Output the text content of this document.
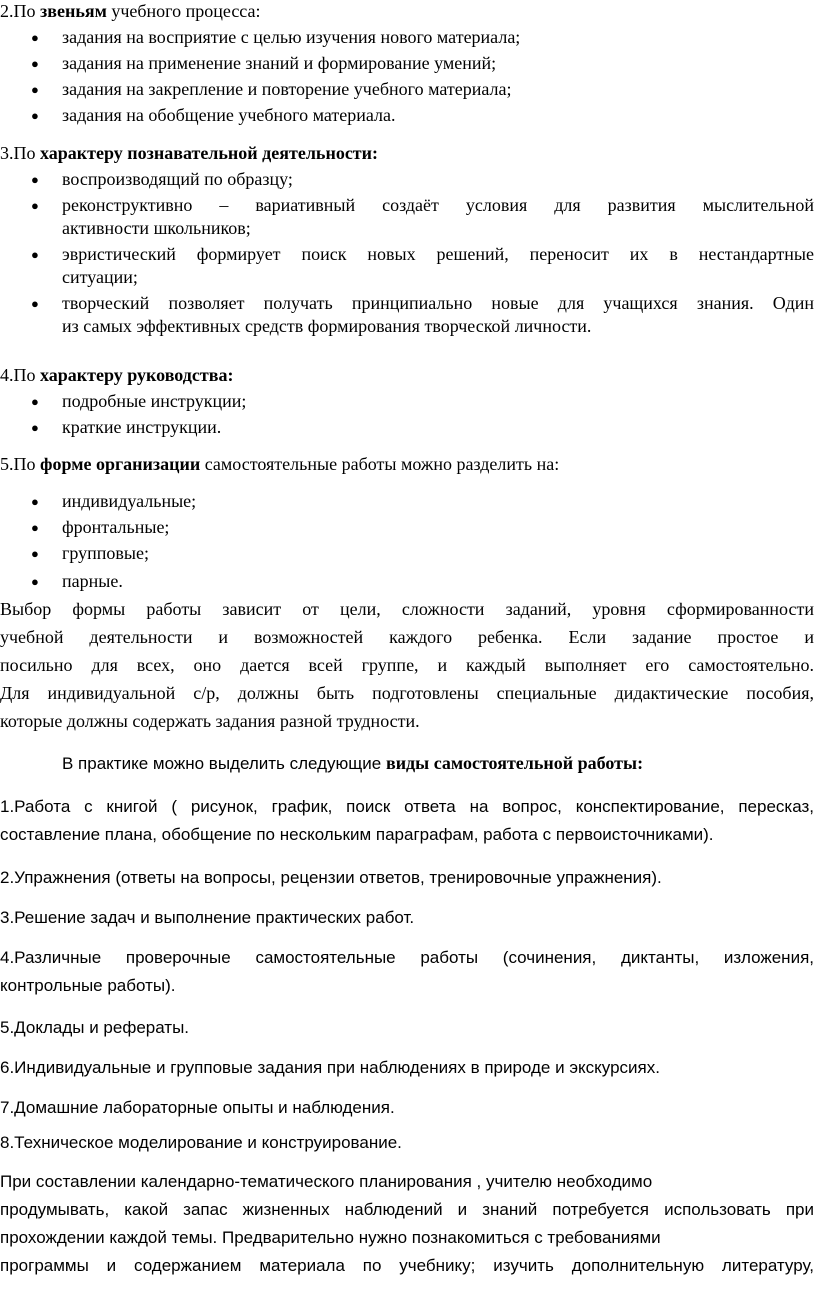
2.По звеньям учебного процесса:
● задания на восприятие с целью изучения нового материала;
● задания на применение знаний и формирование умений;
● задания на закрепление и повторение учебного материала;
● задания на обобщение учебного материала.
3.По характеру познавательной деятельности:
● воспроизводящий по образцу;
● реконструктивно – вариативный создаёт условия для развития мыслительной
активности школьников;
● эвристический формирует поиск новых решений, переносит их в нестандартные
ситуации;
● творческий позволяет получать принципиально новые для учащихся знания. Один
из самых эффективных средств формирования творческой личности.
4.По характеру руководства:
● подробные инструкции;
● краткие инструкции.
5.По форме организации самостоятельные работы можно разделить на:
● индивидуальные;
● фронтальные;
● групповые;
● парные.
Выбор формы работы зависит от цели, сложности заданий, уровня сформированности
учебной деятельности и возможностей каждого ребенка. Если задание простое и
посильно для всех, оно дается всей группе, и каждый выполняет его самостоятельно.
Для индивидуальной с/р, должны быть подготовлены специальные дидактические пособия,
которые должны содержать задания разной трудности.
В практике можно выделить следующие виды самостоятельной работы:
1.Работа с книгой ( рисунок, график, поиск ответа на вопрос, конспектирование, пересказ,
составление плана, обобщение по нескольким параграфам, работа с первоисточниками).
2.Упражнения (ответы на вопросы, рецензии ответов, тренировочные упражнения).
3.Решение задач и выполнение практических работ.
4.Различные проверочные самостоятельные работы (сочинения, диктанты, изложения,
контрольные работы).
5.Доклады и рефераты.
6.Индивидуальные и групповые задания при наблюдениях в природе и экскурсиях.
7.Домашние лабораторные опыты и наблюдения.
8.Техническое моделирование и конструирование.
При составлении календарно-тематического планирования , учителю необходимо
продумывать, какой запас жизненных наблюдений и знаний потребуется использовать при
прохождении каждой темы. Предварительно нужно познакомиться с требованиями
программы и содержанием материала по учебнику; изучить дополнительную литературу,
